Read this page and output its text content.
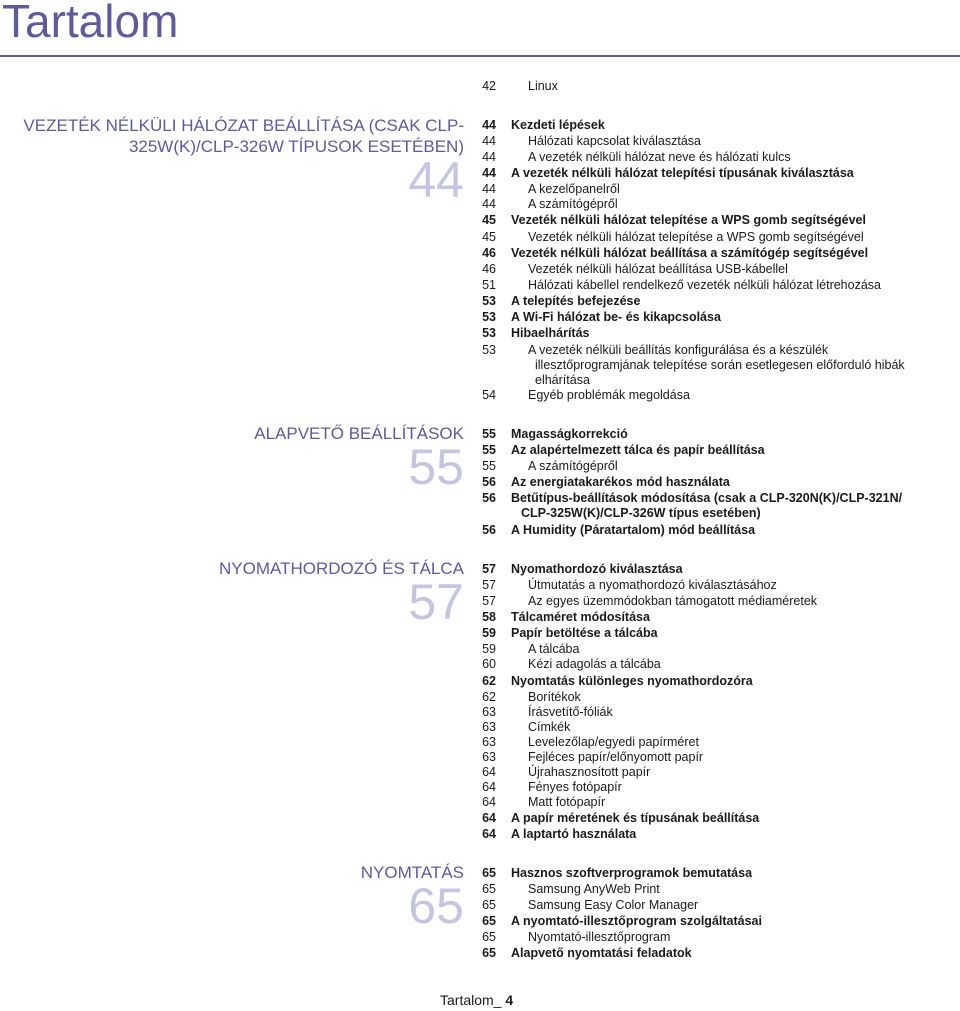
Tartalom
VEZETÉK NÉLKÜLI HÁLÓZAT BEÁLLÍTÁSA (CSAK CLP-
325W(K)/CLP-326W TÍPUSOK ESETÉBEN)
44
ALAPVETŐ BEÁLLÍTÁSOK
55
NYOMATHORDOZÓ ÉS TÁLCA
57
NYOMTATÁS
65
42	Linux
44 Kezdeti lépések
44	Hálózati kapcsolat kiválasztása
44	A vezeték nélküli hálózat neve és hálózati kulcs
44 A vezeték nélküli hálózat telepítési típusának kiválasztása
44	A kezelőpanelről
44	A számítógépről
45 Vezeték nélküli hálózat telepítése a WPS gomb segítségével
45	Vezeték nélküli hálózat telepítése a WPS gomb segítségével
46 Vezeték nélküli hálózat beállítása a számítógép segítségével
46	Vezeték nélküli hálózat beállítása USB-kábellel
51	Hálózati kábellel rendelkező vezeték nélküli hálózat létrehozása
53 A telepítés befejezése
53 A Wi-Fi hálózat be- és kikapcsolása
53 Hibaelhárítás
53	A vezeték nélküli beállítás konfigurálása és a készülék
illesztőprogramjának telepítése során esetlegesen előforduló hibák
elhárítása
54	Egyéb problémák megoldása
55 Magasságkorrekció
55 Az alapértelmezett tálca és papír beállítása
55	A számítógépről
56 Az energiatakarékos mód használata
56 Betűtípus-beállítások módosítása (csak a CLP-320N(K)/CLP-321N/
CLP-325W(K)/CLP-326W típus esetében)
56 A Humidity (Páratartalom) mód beállítása
57 Nyomathordozó kiválasztása
57	Útmutatás a nyomathordozó kiválasztásához
57	Az egyes üzemmódokban támogatott médiaméretek
58 Tálcaméret módosítása
59 Papír betöltése a tálcába
59	A tálcába
60	Kézi adagolás a tálcába
62 Nyomtatás különleges nyomathordozóra
62	Borítékok
63	Írásvetítő-fóliák
63	Címkék
63	Levelezőlap/egyedi papírméret
63	Fejléces papír/előnyomott papír
64	Újrahasznosított papír
64	Fényes fotópapír
64	Matt fotópapír
64 A papír méretének és típusának beállítása
64 A laptartó használata
65 Hasznos szoftverprogramok bemutatása
65	Samsung AnyWeb Print
65	Samsung Easy Color Manager
65 A nyomtató-illesztőprogram szolgáltatásai
65	Nyomtató-illesztőprogram
65 Alapvető nyomtatási feladatok
Tartalom_ 4
